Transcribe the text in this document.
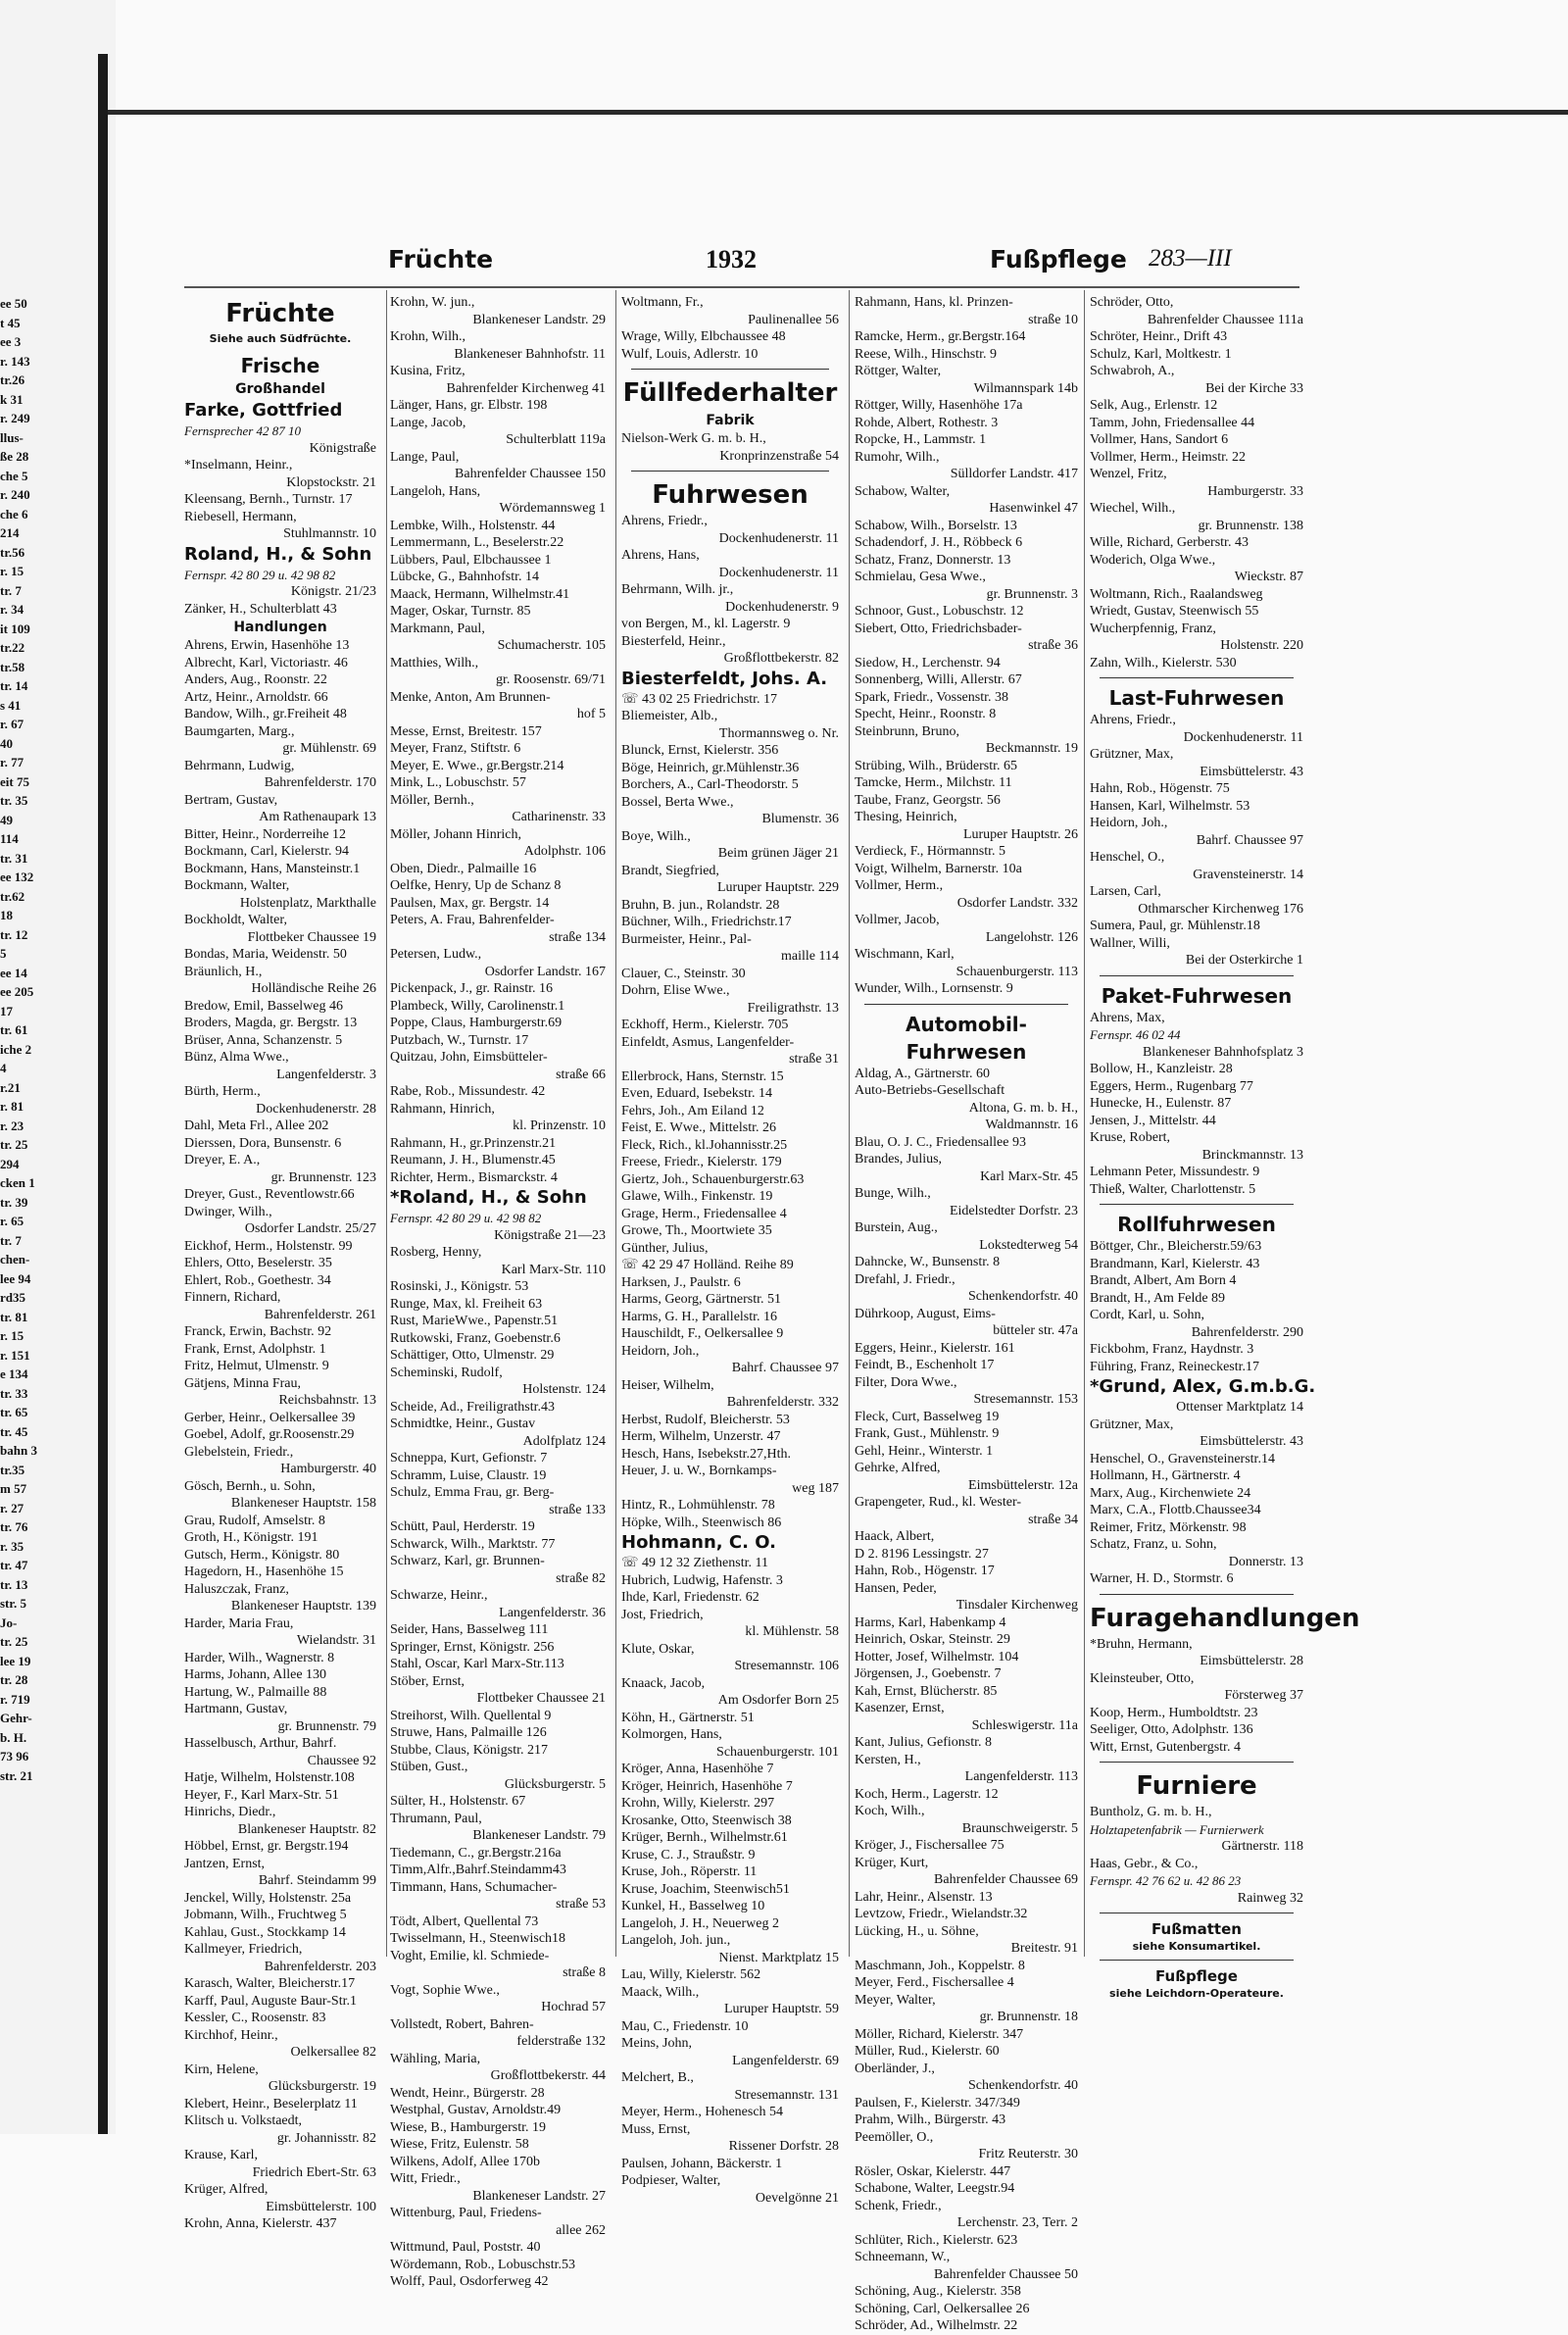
ee 50
t 45
ee 3
r. 143
tr.26
k 31
r. 249
llus-
ße 28
che 5
r. 240
che 6
214
tr.56
r. 15
tr. 7
r. 34
it 109
tr.22
tr.58
tr. 14
s 41
r. 67
40
r. 77
eit 75
tr. 35
49
114
tr. 31
ee 132
tr.62
18
tr. 12
5
ee 14
ee 205
17
tr. 61
iche 2
4
r.21
r. 81
r. 23
tr. 25
294
cken 1
tr. 39
r. 65
tr. 7
chen-
lee 94
rd35
tr. 81
r. 15
r. 151
e 134
tr. 33
tr. 65
tr. 45
bahn 3
tr.35
m 57
r. 27
tr. 76
r. 35
tr. 47
tr. 13
str. 5
Jo-
tr. 25
lee 19
tr. 28
r. 719
Gehr-
b. H.
73 96
str. 21
Früchte	1932	Fußpflege 283—III
Früchte
Siehe auch Südfrüchte.
Frische
Großhandel
Farke, Gottfried
Fernsprecher 42 87 10
Königstraße
*Inselmann, Heinr.,
Klopstockstr. 21
Kleensang, Bernh., Turnstr. 17
Riebesell, Hermann,
Stuhlmannstr. 10
Roland, H., & Sohn
Fernspr. 42 80 29 u. 42 98 82
Königstr. 21/23
Zänker, H., Schulterblatt 43
Handlungen
Ahrens, Erwin, Hasenhöhe 13
Albrecht, Karl, Victoriastr. 46
Anders, Aug., Roonstr. 22
Artz, Heinr., Arnoldstr. 66
Bandow, Wilh., gr.Freiheit 48
Baumgarten, Marg.,
gr. Mühlenstr. 69
Behrmann, Ludwig,
Bahrenfelderstr. 170
Bertram, Gustav,
Am Rathenaupark 13
Bitter, Heinr., Norderreihe 12
Bockmann, Carl, Kielerstr. 94
Bockmann, Hans, Mansteinstr.1
Bockmann, Walter,
Holstenplatz, Markthalle
Bockholdt, Walter,
Flottbeker Chaussee 19
Bondas, Maria, Weidenstr. 50
Bräunlich, H.,
Holländische Reihe 26
Bredow, Emil, Basselweg 46
Broders, Magda, gr. Bergstr. 13
Brüser, Anna, Schanzenstr. 5
Bünz, Alma Wwe.,
Langenfelderstr. 3
Bürth, Herm.,
Dockenhudenerstr. 28
Dahl, Meta Frl., Allee 202
Dierssen, Dora, Bunsenstr. 6
Dreyer, E. A.,
gr. Brunnenstr. 123
Dreyer, Gust., Reventlowstr.66
Dwinger, Wilh.,
Osdorfer Landstr. 25/27
Eickhof, Herm., Holstenstr. 99
Ehlers, Otto, Beselerstr. 35
Ehlert, Rob., Goethestr. 34
Finnern, Richard,
Bahrenfelderstr. 261
Franck, Erwin, Bachstr. 92
Frank, Ernst, Adolphstr. 1
Fritz, Helmut, Ulmenstr. 9
Gätjens, Minna Frau,
Reichsbahnstr. 13
Gerber, Heinr., Oelkersallee 39
Goebel, Adolf, gr.Roosenstr.29
Glebelstein, Friedr.,
Hamburgerstr. 40
Gösch, Bernh., u. Sohn,
Blankeneser Hauptstr. 158
Grau, Rudolf, Amselstr. 8
Groth, H., Königstr. 191
Gutsch, Herm., Königstr. 80
Hagedorn, H., Hasenhöhe 15
Haluszczak, Franz,
Blankeneser Hauptstr. 139
Harder, Maria Frau,
Wielandstr. 31
Harder, Wilh., Wagnerstr. 8
Harms, Johann, Allee 130
Hartung, W., Palmaille 88
Hartmann, Gustav,
gr. Brunnenstr. 79
Hasselbusch, Arthur, Bahrf.
Chaussee 92
Hatje, Wilhelm, Holstenstr.108
Heyer, F., Karl Marx-Str. 51
Hinrichs, Diedr.,
Blankeneser Hauptstr. 82
Höbbel, Ernst, gr. Bergstr.194
Jantzen, Ernst,
Bahrf. Steindamm 99
Jenckel, Willy, Holstenstr. 25a
Jobmann, Wilh., Fruchtweg 5
Kahlau, Gust., Stockkamp 14
Kallmeyer, Friedrich,
Bahrenfelderstr. 203
Karasch, Walter, Bleicherstr.17
Karff, Paul, Auguste Baur-Str.1
Kessler, C., Roosenstr. 83
Kirchhof, Heinr.,
Oelkersallee 82
Kirn, Helene,
Glücksburgerstr. 19
Klebert, Heinr., Beselerplatz 11
Klitsch u. Volkstaedt,
gr. Johannisstr. 82
Krause, Karl,
Friedrich Ebert-Str. 63
Krüger, Alfred,
Eimsbüttelerstr. 100
Krohn, Anna, Kielerstr. 437
Krohn, W. jun.,
Blankeneser Landstr. 29
Krohn, Wilh.,
Blankeneser Bahnhofstr. 11
Kusina, Fritz,
Bahrenfelder Kirchenweg 41
Länger, Hans, gr. Elbstr. 198
Lange, Jacob,
Schulterblatt 119a
Lange, Paul,
Bahrenfelder Chaussee 150
Langeloh, Hans,
Wördemannsweg 1
Lembke, Wilh., Holstenstr. 44
Lemmermann, L., Beselerstr.22
Lübbers, Paul, Elbchaussee 1
Lübcke, G., Bahnhofstr. 14
Maack, Hermann, Wilhelmstr.41
Mager, Oskar, Turnstr. 85
Markmann, Paul,
Schumacherstr. 105
Matthies, Wilh.,
gr. Roosenstr. 69/71
Menke, Anton, Am Brunnen-
hof 5
Messe, Ernst, Breitestr. 157
Meyer, Franz, Stiftstr. 6
Meyer, E. Wwe., gr.Bergstr.214
Mink, L., Lobuschstr. 57
Möller, Bernh.,
Catharinenstr. 33
Möller, Johann Hinrich,
Adolphstr. 106
Oben, Diedr., Palmaille 16
Oelfke, Henry, Up de Schanz 8
Paulsen, Max, gr. Bergstr. 14
Peters, A. Frau, Bahrenfelder-
straße 134
Petersen, Ludw.,
Osdorfer Landstr. 167
Pickenpack, J., gr. Rainstr. 16
Plambeck, Willy, Carolinenstr.1
Poppe, Claus, Hamburgerstr.69
Putzbach, W., Turnstr. 17
Quitzau, John, Eimsbütteler-
straße 66
Rabe, Rob., Missundestr. 42
Rahmann, Hinrich,
kl. Prinzenstr. 10
Rahmann, H., gr.Prinzenstr.21
Reumann, J. H., Blumenstr.45
Richter, Herm., Bismarckstr. 4
*Roland, H., & Sohn
Fernspr. 42 80 29 u. 42 98 82
Königstraße 21—23
Rosberg, Henny,
Karl Marx-Str. 110
Rosinski, J., Königstr. 53
Runge, Max, kl. Freiheit 63
Rust, MarieWwe., Papenstr.51
Rutkowski, Franz, Goebenstr.6
Schättiger, Otto, Ulmenstr. 29
Scheminski, Rudolf,
Holstenstr. 124
Scheide, Ad., Freiligrathstr.43
Schmidtke, Heinr., Gustav
Adolfplatz 124
Schneppa, Kurt, Gefionstr. 7
Schramm, Luise, Claustr. 19
Schulz, Emma Frau, gr. Berg-
straße 133
Schütt, Paul, Herderstr. 19
Schwarck, Wilh., Marktstr. 77
Schwarz, Karl, gr. Brunnen-
straße 82
Schwarze, Heinr.,
Langenfelderstr. 36
Seider, Hans, Basselweg 111
Springer, Ernst, Königstr. 256
Stahl, Oscar, Karl Marx-Str.113
Stöber, Ernst,
Flottbeker Chaussee 21
Streihorst, Wilh. Quellental 9
Struwe, Hans, Palmaille 126
Stubbe, Claus, Königstr. 217
Stüben, Gust.,
Glücksburgerstr. 5
Sülter, H., Holstenstr. 67
Thrumann, Paul,
Blankeneser Landstr. 79
Tiedemann, C., gr.Bergstr.216a
Timm,Alfr.,Bahrf.Steindamm43
Timmann, Hans, Schumacher-
straße 53
Tödt, Albert, Quellental 73
Twisselmann, H., Steenwisch18
Voght, Emilie, kl. Schmiede-
straße 8
Vogt, Sophie Wwe.,
Hochrad 57
Vollstedt, Robert, Bahren-
felderstraße 132
Wähling, Maria,
Großflottbekerstr. 44
Wendt, Heinr., Bürgerstr. 28
Westphal, Gustav, Arnoldstr.49
Wiese, B., Hamburgerstr. 19
Wiese, Fritz, Eulenstr. 58
Wilkens, Adolf, Allee 170b
Witt, Friedr.,
Blankeneser Landstr. 27
Wittenburg, Paul, Friedens-
allee 262
Wittmund, Paul, Poststr. 40
Wördemann, Rob., Lobuschstr.53
Wolff, Paul, Osdorferweg 42
Woltmann, Fr.,
Paulinenallee 56
Wrage, Willy, Elbchaussee 48
Wulf, Louis, Adlerstr. 10
Füllfederhalter
Fabrik
Nielson-Werk G. m. b. H.,
Kronprinzenstraße 54
Fuhrwesen
Ahrens, Friedr.,
Dockenhudenerstr. 11
Ahrens, Hans,
Dockenhudenerstr. 11
Behrmann, Wilh. jr.,
Dockenhudenerstr. 9
von Bergen, M., kl. Lagerstr. 9
Biesterfeld, Heinr.,
Großflottbekerstr. 82
Biesterfeldt, Johs. A.
☏ 43 02 25 Friedrichstr. 17
Bliemeister, Alb.,
Thormannsweg o. Nr.
Blunck, Ernst, Kielerstr. 356
Böge, Heinrich, gr.Mühlenstr.36
Borchers, A., Carl-Theodorstr. 5
Bossel, Berta Wwe.,
Blumenstr. 36
Boye, Wilh.,
Beim grünen Jäger 21
Brandt, Siegfried,
Luruper Hauptstr. 229
Bruhn, B. jun., Rolandstr. 28
Büchner, Wilh., Friedrichstr.17
Burmeister, Heinr., Pal-
maille 114
Clauer, C., Steinstr. 30
Dohrn, Elise Wwe.,
Freiligrathstr. 13
Eckhoff, Herm., Kielerstr. 705
Einfeldt, Asmus, Langenfelder-
straße 31
Ellerbrock, Hans, Sternstr. 15
Even, Eduard, Isebekstr. 14
Fehrs, Joh., Am Eiland 12
Feist, E. Wwe., Mittelstr. 26
Fleck, Rich., kl.Johannisstr.25
Freese, Friedr., Kielerstr. 179
Giertz, Joh., Schauenburgerstr.63
Glawe, Wilh., Finkenstr. 19
Grage, Herm., Friedensallee 4
Growe, Th., Moortwiete 35
Günther, Julius,
☏ 42 29 47 Holländ. Reihe 89
Harksen, J., Paulstr. 6
Harms, Georg, Gärtnerstr. 51
Harms, G. H., Parallelstr. 16
Hauschildt, F., Oelkersallee 9
Heidorn, Joh.,
Bahrf. Chaussee 97
Heiser, Wilhelm,
Bahrenfelderstr. 332
Herbst, Rudolf, Bleicherstr. 53
Herm, Wilhelm, Unzerstr. 47
Hesch, Hans, Isebekstr.27,Hth.
Heuer, J. u. W., Bornkamps-
weg 187
Hintz, R., Lohmühlenstr. 78
Höpke, Wilh., Steenwisch 86
Hohmann, C. O.
☏ 49 12 32 Ziethenstr. 11
Hubrich, Ludwig, Hafenstr. 3
Ihde, Karl, Friedenstr. 62
Jost, Friedrich,
kl. Mühlenstr. 58
Klute, Oskar,
Stresemannstr. 106
Knaack, Jacob,
Am Osdorfer Born 25
Köhn, H., Gärtnerstr. 51
Kolmorgen, Hans,
Schauenburgerstr. 101
Kröger, Anna, Hasenhöhe 7
Kröger, Heinrich, Hasenhöhe 7
Krohn, Willy, Kielerstr. 297
Krosanke, Otto, Steenwisch 38
Krüger, Bernh., Wilhelmstr.61
Kruse, C. J., Straußstr. 9
Kruse, Joh., Röperstr. 11
Kruse, Joachim, Steenwisch51
Kunkel, H., Basselweg 10
Langeloh, J. H., Neuerweg 2
Langeloh, Joh. jun.,
Nienst. Marktplatz 15
Lau, Willy, Kielerstr. 562
Maack, Wilh.,
Luruper Hauptstr. 59
Mau, C., Friedenstr. 10
Meins, John,
Langenfelderstr. 69
Melchert, B.,
Stresemannstr. 131
Meyer, Herm., Hohenesch 54
Muss, Ernst,
Rissener Dorfstr. 28
Paulsen, Johann, Bäckerstr. 1
Podpieser, Walter,
Oevelgönne 21
Rahmann, Hans, kl. Prinzen-
straße 10
Ramcke, Herm., gr.Bergstr.164
Reese, Wilh., Hinschstr. 9
Röttger, Walter,
Wilmannspark 14b
Röttger, Willy, Hasenhöhe 17a
Rohde, Albert, Rothestr. 3
Ropcke, H., Lammstr. 1
Rumohr, Wilh.,
Sülldorfer Landstr. 417
Schabow, Walter,
Hasenwinkel 47
Schabow, Wilh., Borselstr. 13
Schadendorf, J. H., Röbbeck 6
Schatz, Franz, Donnerstr. 13
Schmielau, Gesa Wwe.,
gr. Brunnenstr. 3
Schnoor, Gust., Lobuschstr. 12
Siebert, Otto, Friedrichsbader-
straße 36
Siedow, H., Lerchenstr. 94
Sonnenberg, Willi, Allerstr. 67
Spark, Friedr., Vossenstr. 38
Specht, Heinr., Roonstr. 8
Steinbrunn, Bruno,
Beckmannstr. 19
Strübing, Wilh., Brüderstr. 65
Tamcke, Herm., Milchstr. 11
Taube, Franz, Georgstr. 56
Thesing, Heinrich,
Luruper Hauptstr. 26
Verdieck, F., Hörmannstr. 5
Voigt, Wilhelm, Barnerstr. 10a
Vollmer, Herm.,
Osdorfer Landstr. 332
Vollmer, Jacob,
Langelohstr. 126
Wischmann, Karl,
Schauenburgerstr. 113
Wunder, Wilh., Lornsenstr. 9
Automobil-Fuhrwesen
Aldag, A., Gärtnerstr. 60
Auto-Betriebs-Gesellschaft
Altona, G. m. b. H.,
Waldmannstr. 16
Blau, O. J. C., Friedensallee 93
Brandes, Julius,
Karl Marx-Str. 45
Bunge, Wilh.,
Eidelstedter Dorfstr. 23
Burstein, Aug.,
Lokstedterweg 54
Dahncke, W., Bunsenstr. 8
Drefahl, J. Friedr.,
Schenkendorfstr. 40
Dührkoop, August, Eims-
bütteler str. 47a
Eggers, Heinr., Kielerstr. 161
Feindt, B., Eschenholt 17
Filter, Dora Wwe.,
Stresemannstr. 153
Fleck, Curt, Basselweg 19
Frank, Gust., Mühlenstr. 9
Gehl, Heinr., Winterstr. 1
Gehrke, Alfred,
Eimsbüttelerstr. 12a
Grapengeter, Rud., kl. Wester-
straße 34
Haack, Albert,
D 2. 8196 Lessingstr. 27
Hahn, Rob., Högenstr. 17
Hansen, Peder,
Tinsdaler Kirchenweg
Harms, Karl, Habenkamp 4
Heinrich, Oskar, Steinstr. 29
Hotter, Josef, Wilhelmstr. 104
Jörgensen, J., Goebenstr. 7
Kah, Ernst, Blücherstr. 85
Kasenzer, Ernst,
Schleswigerstr. 11a
Kant, Julius, Gefionstr. 8
Kersten, H.,
Langenfelderstr. 113
Koch, Herm., Lagerstr. 12
Koch, Wilh.,
Braunschweigerstr. 5
Kröger, J., Fischersallee 75
Krüger, Kurt,
Bahrenfelder Chaussee 69
Lahr, Heinr., Alsenstr. 13
Levtzow, Friedr., Wielandstr.32
Lücking, H., u. Söhne,
Breitestr. 91
Maschmann, Joh., Koppelstr. 8
Meyer, Ferd., Fischersallee 4
Meyer, Walter,
gr. Brunnenstr. 18
Möller, Richard, Kielerstr. 347
Müller, Rud., Kielerstr. 60
Oberländer, J.,
Schenkendorfstr. 40
Paulsen, F., Kielerstr. 347/349
Prahm, Wilh., Bürgerstr. 43
Peemöller, O.,
Fritz Reuterstr. 30
Rösler, Oskar, Kielerstr. 447
Schabone, Walter, Leegstr.94
Schenk, Friedr.,
Lerchenstr. 23, Terr. 2
Schlüter, Rich., Kielerstr. 623
Schneemann, W.,
Bahrenfelder Chaussee 50
Schöning, Aug., Kielerstr. 358
Schöning, Carl, Oelkersallee 26
Schröder, Ad., Wilhelmstr. 22
Schröder, Otto,
Bahrenfelder Chaussee 111a
Schröter, Heinr., Drift 43
Schulz, Karl, Moltkestr. 1
Schwabroh, A.,
Bei der Kirche 33
Selk, Aug., Erlenstr. 12
Tamm, John, Friedensallee 44
Vollmer, Hans, Sandort 6
Vollmer, Herm., Heimstr. 22
Wenzel, Fritz,
Hamburgerstr. 33
Wiechel, Wilh.,
gr. Brunnenstr. 138
Wille, Richard, Gerberstr. 43
Woderich, Olga Wwe.,
Wieckstr. 87
Woltmann, Rich., Raalandsweg
Wriedt, Gustav, Steenwisch 55
Wucherpfennig, Franz,
Holstenstr. 220
Zahn, Wilh., Kielerstr. 530
Last-Fuhrwesen
Ahrens, Friedr.,
Dockenhudenerstr. 11
Grützner, Max,
Eimsbüttelerstr. 43
Hahn, Rob., Högenstr. 75
Hansen, Karl, Wilhelmstr. 53
Heidorn, Joh.,
Bahrf. Chaussee 97
Henschel, O.,
Gravensteinerstr. 14
Larsen, Carl,
Othmarscher Kirchenweg 176
Sumera, Paul, gr. Mühlenstr.18
Wallner, Willi,
Bei der Osterkirche 1
Paket-Fuhrwesen
Ahrens, Max,
Fernspr. 46 02 44
Blankeneser Bahnhofsplatz 3
Bollow, H., Kanzleistr. 28
Eggers, Herm., Rugenbarg 77
Hunecke, H., Eulenstr. 87
Jensen, J., Mittelstr. 44
Kruse, Robert,
Brinckmannstr. 13
Lehmann Peter, Missundestr. 9
Thieß, Walter, Charlottenstr. 5
Rollfuhrwesen
Böttger, Chr., Bleicherstr.59/63
Brandmann, Karl, Kielerstr. 43
Brandt, Albert, Am Born 4
Brandt, H., Am Felde 89
Cordt, Karl, u. Sohn,
Bahrenfelderstr. 290
Fickbohm, Franz, Haydnstr. 3
Führing, Franz, Reineckestr.17
*Grund, Alex, G.m.b.G.
Ottenser Marktplatz 14
Grützner, Max,
Eimsbüttelerstr. 43
Henschel, O., Gravensteinerstr.14
Hollmann, H., Gärtnerstr. 4
Marx, Aug., Kirchenwiete 24
Marx, C.A., Flottb.Chaussee34
Reimer, Fritz, Mörkenstr. 98
Schatz, Franz, u. Sohn,
Donnerstr. 13
Warner, H. D., Stormstr. 6
Furagehandlungen
*Bruhn, Hermann,
Eimsbüttelerstr. 28
Kleinsteuber, Otto,
Försterweg 37
Koop, Herm., Humboldtstr. 23
Seeliger, Otto, Adolphstr. 136
Witt, Ernst, Gutenbergstr. 4
Furniere
Buntholz, G. m. b. H.,
Holztapetenfabrik — Furnierwerk
Gärtnerstr. 118
Haas, Gebr., & Co.,
Fernspr. 42 76 62 u. 42 86 23
Rainweg 32
Fußmatten
siehe Konsumartikel.
Fußpflege
siehe Leichdorn-Operateure.
